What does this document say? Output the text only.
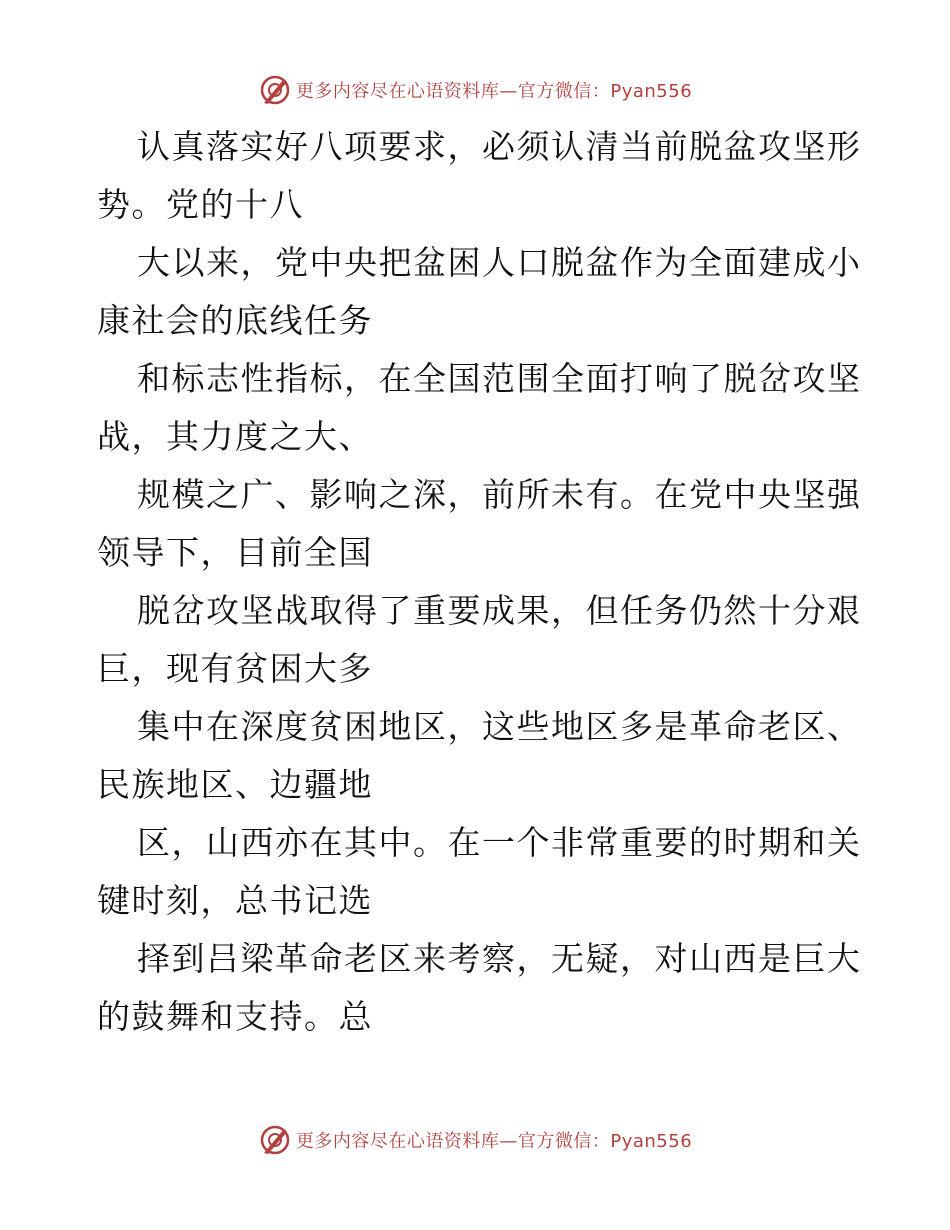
更多内容尽在心语资料库—官方微信：Pyan556

认真落实好八项要求，必须认清当前脱盆攻坚形
势。党的十八

大以来，党中央把盆困人口脱盆作为全面建成小
康社会的底线任务

和标志性指标，在全国范围全面打响了脱岔攻坚
战，其力度之大、

规模之广、影响之深，前所未有。在党中央坚强
领导下，目前全国

脱岔攻坚战取得了重要成果，但任务仍然十分艰
巨，现有贫困大多

集中在深度贫困地区，这些地区多是革命老区、
民族地区、边疆地

区，山西亦在其中。在一个非常重要的时期和关
键时刻，总书记选

择到吕梁革命老区来考察，无疑，对山西是巨大
的鼓舞和支持。总

更多内容尽在心语资料库—官方微信：Pyan556
